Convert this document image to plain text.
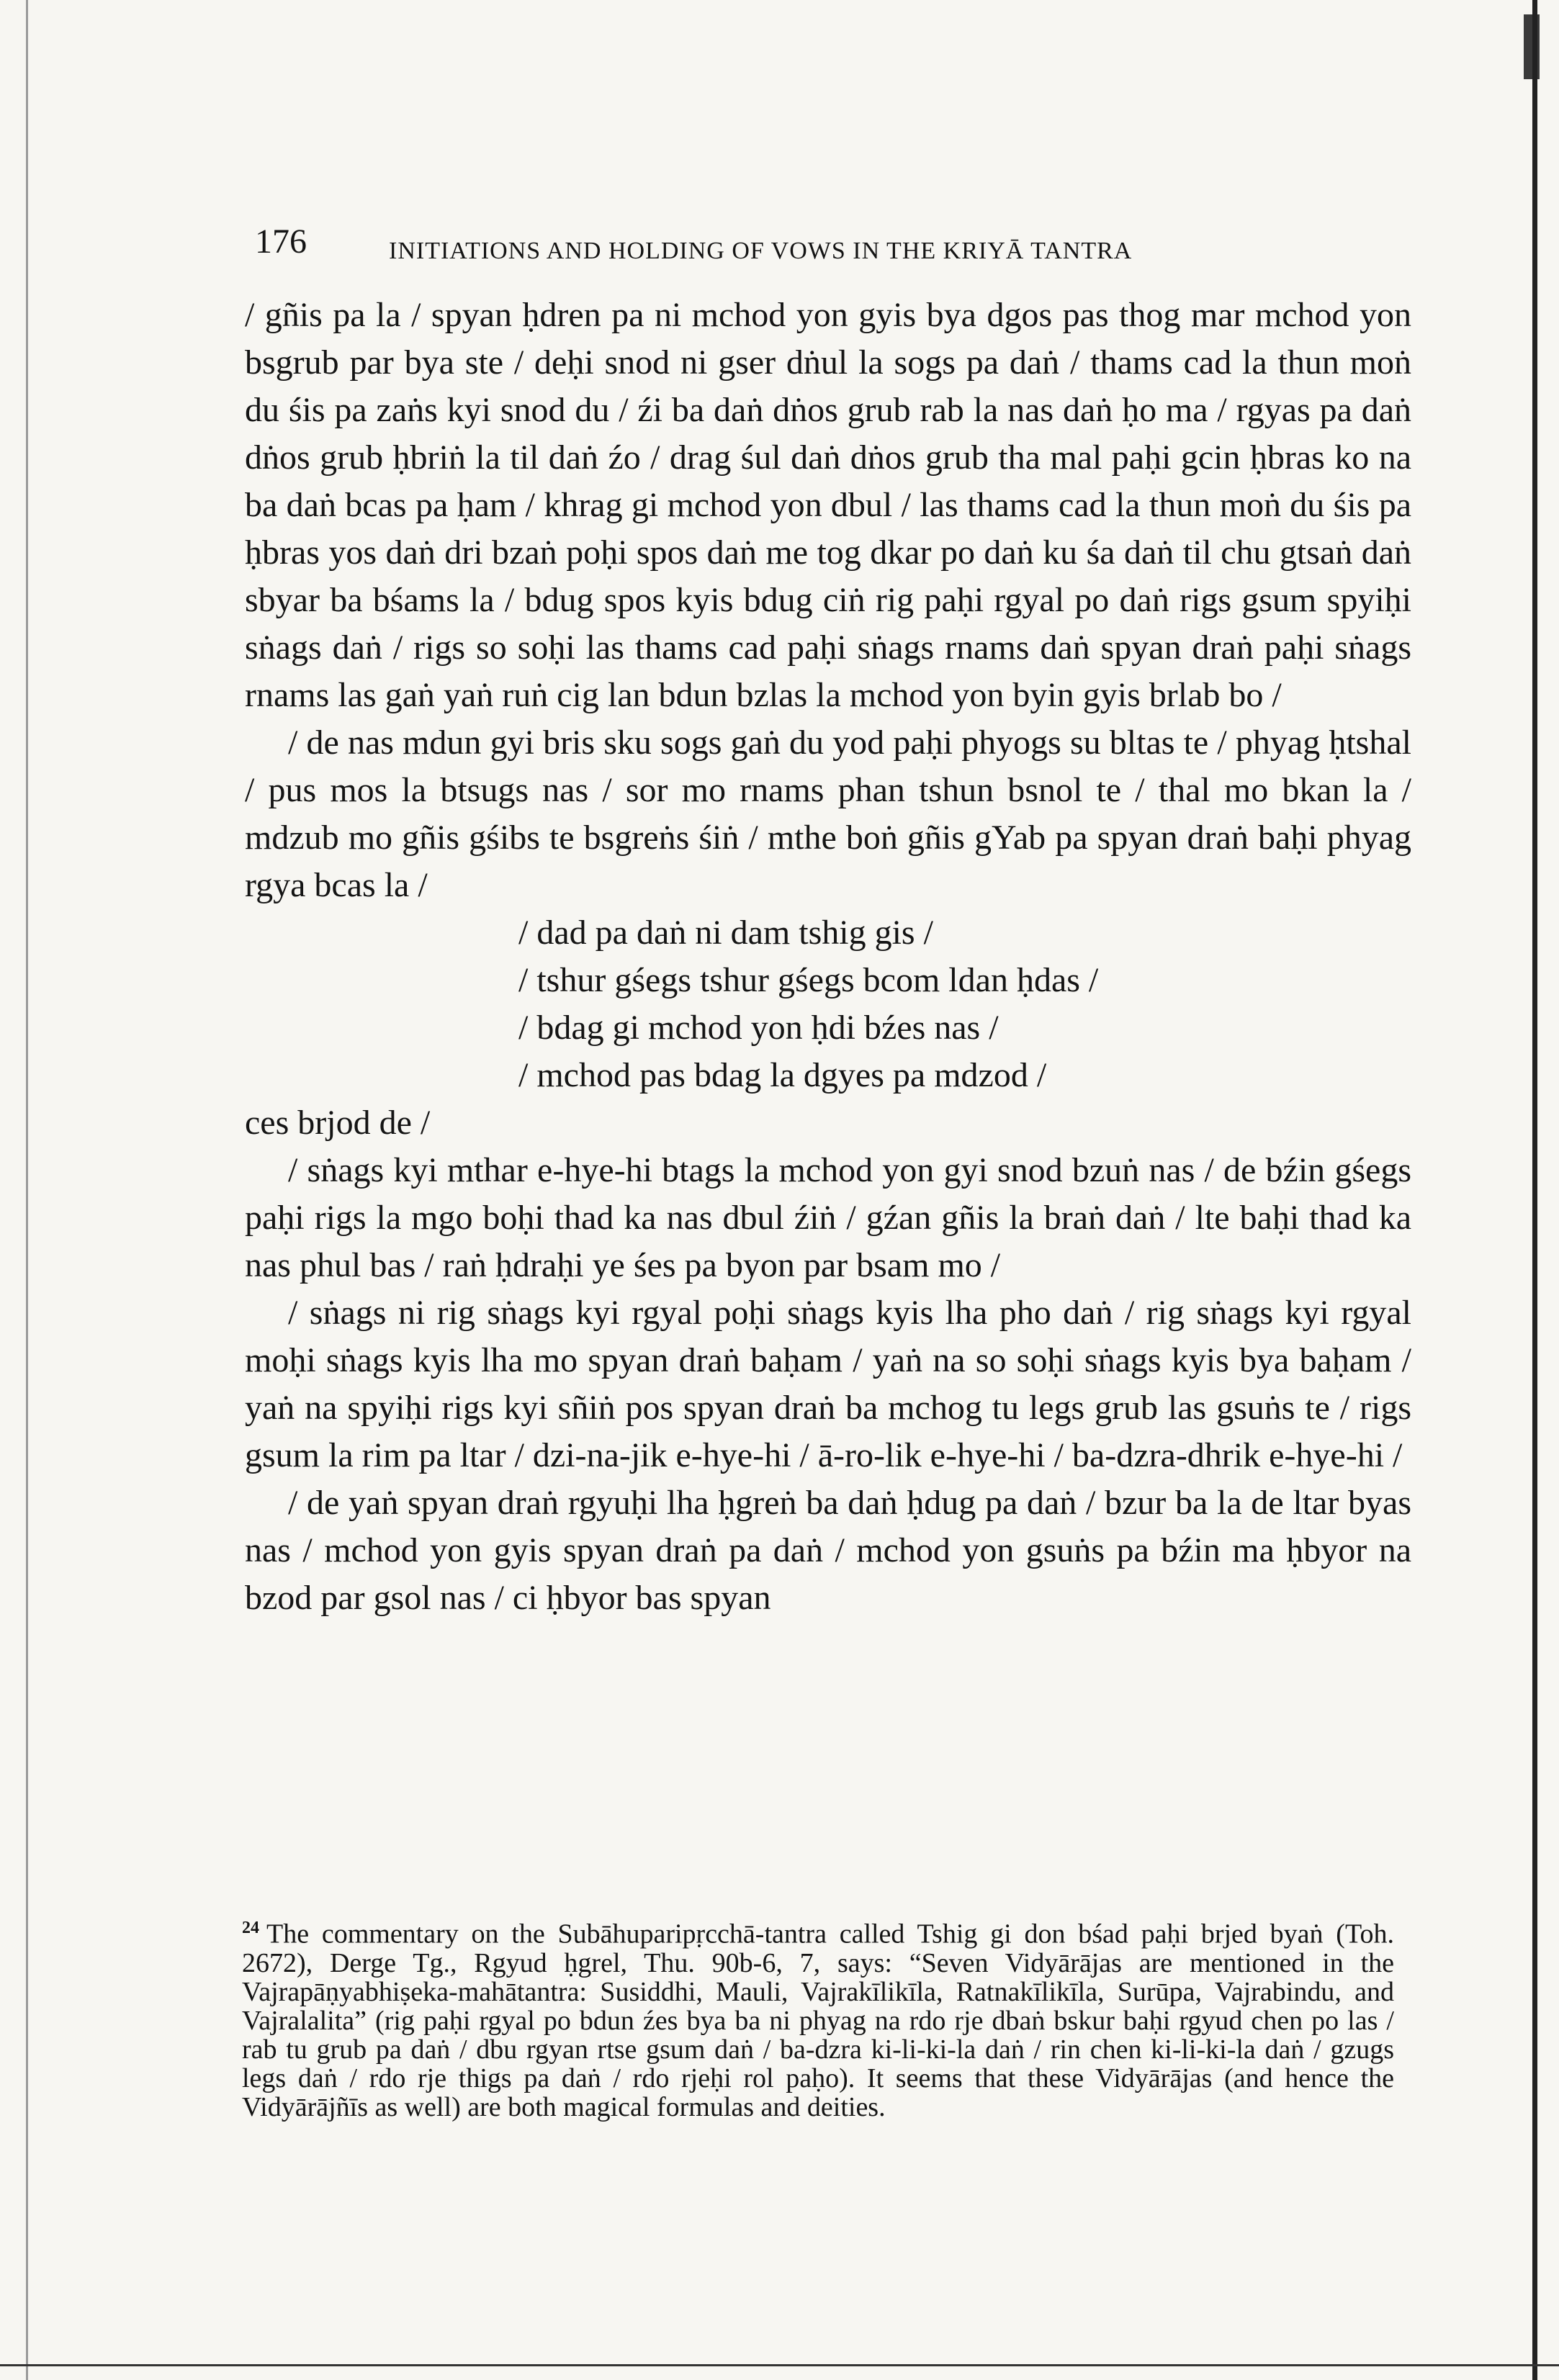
176	INITIATIONS AND HOLDING OF VOWS IN THE KRIYĀ TANTRA

/ gñis pa la / spyan ḥdren pa ni mchod yon gyis bya dgos pas thog mar mchod yon bsgrub par bya ste / deḥi snod ni gser dṅul la sogs pa daṅ / thams cad la thun moṅ du śis pa zaṅs kyi snod du / źi ba daṅ dṅos grub rab la nas daṅ ḥo ma / rgyas pa daṅ dṅos grub ḥbriṅ la til daṅ źo / drag śul daṅ dṅos grub tha mal paḥi gcin ḥbras ko na ba daṅ bcas pa ḥam / khrag gi mchod yon dbul / las thams cad la thun moṅ du śis pa ḥbras yos daṅ dri bzaṅ poḥi spos daṅ me tog dkar po daṅ ku śa daṅ til chu gtsaṅ daṅ sbyar ba bśams la / bdug spos kyis bdug ciṅ rig paḥi rgyal po daṅ rigs gsum spyiḥi sṅags daṅ / rigs so soḥi las thams cad paḥi sṅags rnams daṅ spyan draṅ paḥi sṅags rnams las gaṅ yaṅ ruṅ cig lan bdun bzlas la mchod yon byin gyis brlab bo /

/ de nas mdun gyi bris sku sogs gaṅ du yod paḥi phyogs su bltas te / phyag ḥtshal / pus mos la btsugs nas / sor mo rnams phan tshun bsnol te / thal mo bkan la / mdzub mo gñis gśibs te bsgreṅs śiṅ / mthe boṅ gñis gYab pa spyan draṅ baḥi phyag rgya bcas la /

/ dad pa daṅ ni dam tshig gis /
/ tshur gśegs tshur gśegs bcom ldan ḥdas /
/ bdag gi mchod yon ḥdi bźes nas /
/ mchod pas bdag la dgyes pa mdzod /

ces brjod de /

/ sṅags kyi mthar e-hye-hi btags la mchod yon gyi snod bzuṅ nas / de bźin gśegs paḥi rigs la mgo boḥi thad ka nas dbul źiṅ / gźan gñis la braṅ daṅ / lte baḥi thad ka nas phul bas / raṅ ḥdraḥi ye śes pa byon par bsam mo /

/ sṅags ni rig sṅags kyi rgyal poḥi sṅags kyis lha pho daṅ / rig sṅags kyi rgyal moḥi sṅags kyis lha mo spyan draṅ baḥam / yaṅ na so soḥi sṅags kyis bya baḥam / yaṅ na spyiḥi rigs kyi sñiṅ pos spyan draṅ ba mchog tu legs grub las gsuṅs te / rigs gsum la rim pa ltar / dzi-na-jik e-hye-hi / ā-ro-lik e-hye-hi / ba-dzra-dhrik e-hye-hi /

/ de yaṅ spyan draṅ rgyuḥi lha ḥgreṅ ba daṅ ḥdug pa daṅ / bzur ba la de ltar byas nas / mchod yon gyis spyan draṅ pa daṅ / mchod yon gsuṅs pa bźin ma ḥbyor na bzod par gsol nas / ci ḥbyor bas spyan

$^{24}$ The commentary on the Subāhuparipṛcchā-tantra called Tshig gi don bśad paḥi brjed byaṅ (Toh. 2672), Derge Tg., Rgyud ḥgrel, Thu. 90b-6, 7, says: “Seven Vidyārājas are mentioned in the Vajrapāṇyabhiṣeka-mahātantra: Susiddhi, Mauli, Vajrakīlikīla, Ratnakīlikīla, Surūpa, Vajrabindu, and Vajralalita” (rig paḥi rgyal po bdun źes bya ba ni phyag na rdo rje dbaṅ bskur baḥi rgyud chen po las / rab tu grub pa daṅ / dbu rgyan rtse gsum daṅ / ba-dzra ki-li-ki-la daṅ / rin chen ki-li-ki-la daṅ / gzugs legs daṅ / rdo rje thigs pa daṅ / rdo rjeḥi rol paḥo). It seems that these Vidyārājas (and hence the Vidyārājñīs as well) are both magical formulas and deities.
